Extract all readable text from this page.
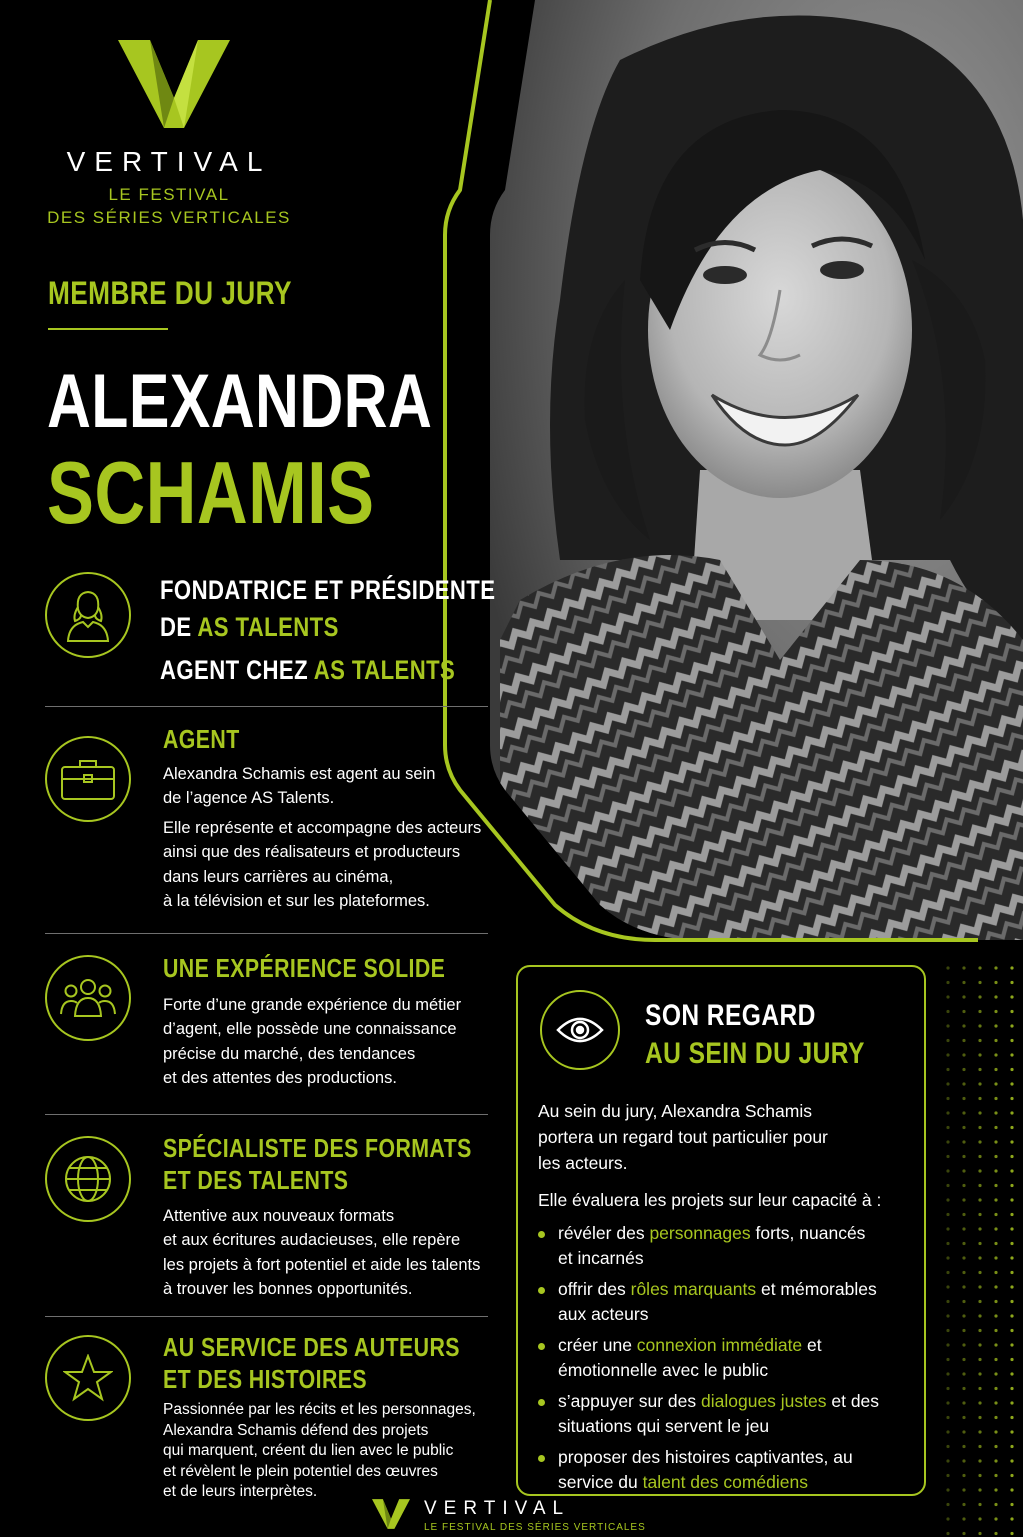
VERTIVAL
LE FESTIVAL
DES SÉRIES VERTICALES
MEMBRE DU JURY
ALEXANDRA
SCHAMIS
FONDATRICE ET PRÉSIDENTE
DE AS TALENTS
AGENT CHEZ AS TALENTS
AGENT
Alexandra Schamis est agent au sein
de l’agence AS Talents.
Elle représente et accompagne des acteurs
ainsi que des réalisateurs et producteurs
dans leurs carrières au cinéma,
à la télévision et sur les plateformes.
UNE EXPÉRIENCE SOLIDE
Forte d’une grande expérience du métier
d’agent, elle possède une connaissance
précise du marché, des tendances
et des attentes des productions.
SPÉCIALISTE DES FORMATS
ET DES TALENTS
Attentive aux nouveaux formats
et aux écritures audacieuses, elle repère
les projets à fort potentiel et aide les talents
à trouver les bonnes opportunités.
AU SERVICE DES AUTEURS
ET DES HISTOIRES
Passionnée par les récits et les personnages,
Alexandra Schamis défend des projets
qui marquent, créent du lien avec le public
et révèlent le plein potentiel des œuvres
et de leurs interprètes.
SON REGARD
AU SEIN DU JURY
Au sein du jury, Alexandra Schamis
portera un regard tout particulier pour
les acteurs.
Elle évaluera les projets sur leur capacité à :
révéler des personnages forts, nuancés
et incarnés
offrir des rôles marquants et mémorables
aux acteurs
créer une connexion immédiate et
émotionnelle avec le public
s’appuyer sur des dialogues justes et des
situations qui servent le jeu
proposer des histoires captivantes, au
service du talent des comédiens
VERTIVAL
LE FESTIVAL DES SÉRIES VERTICALES
